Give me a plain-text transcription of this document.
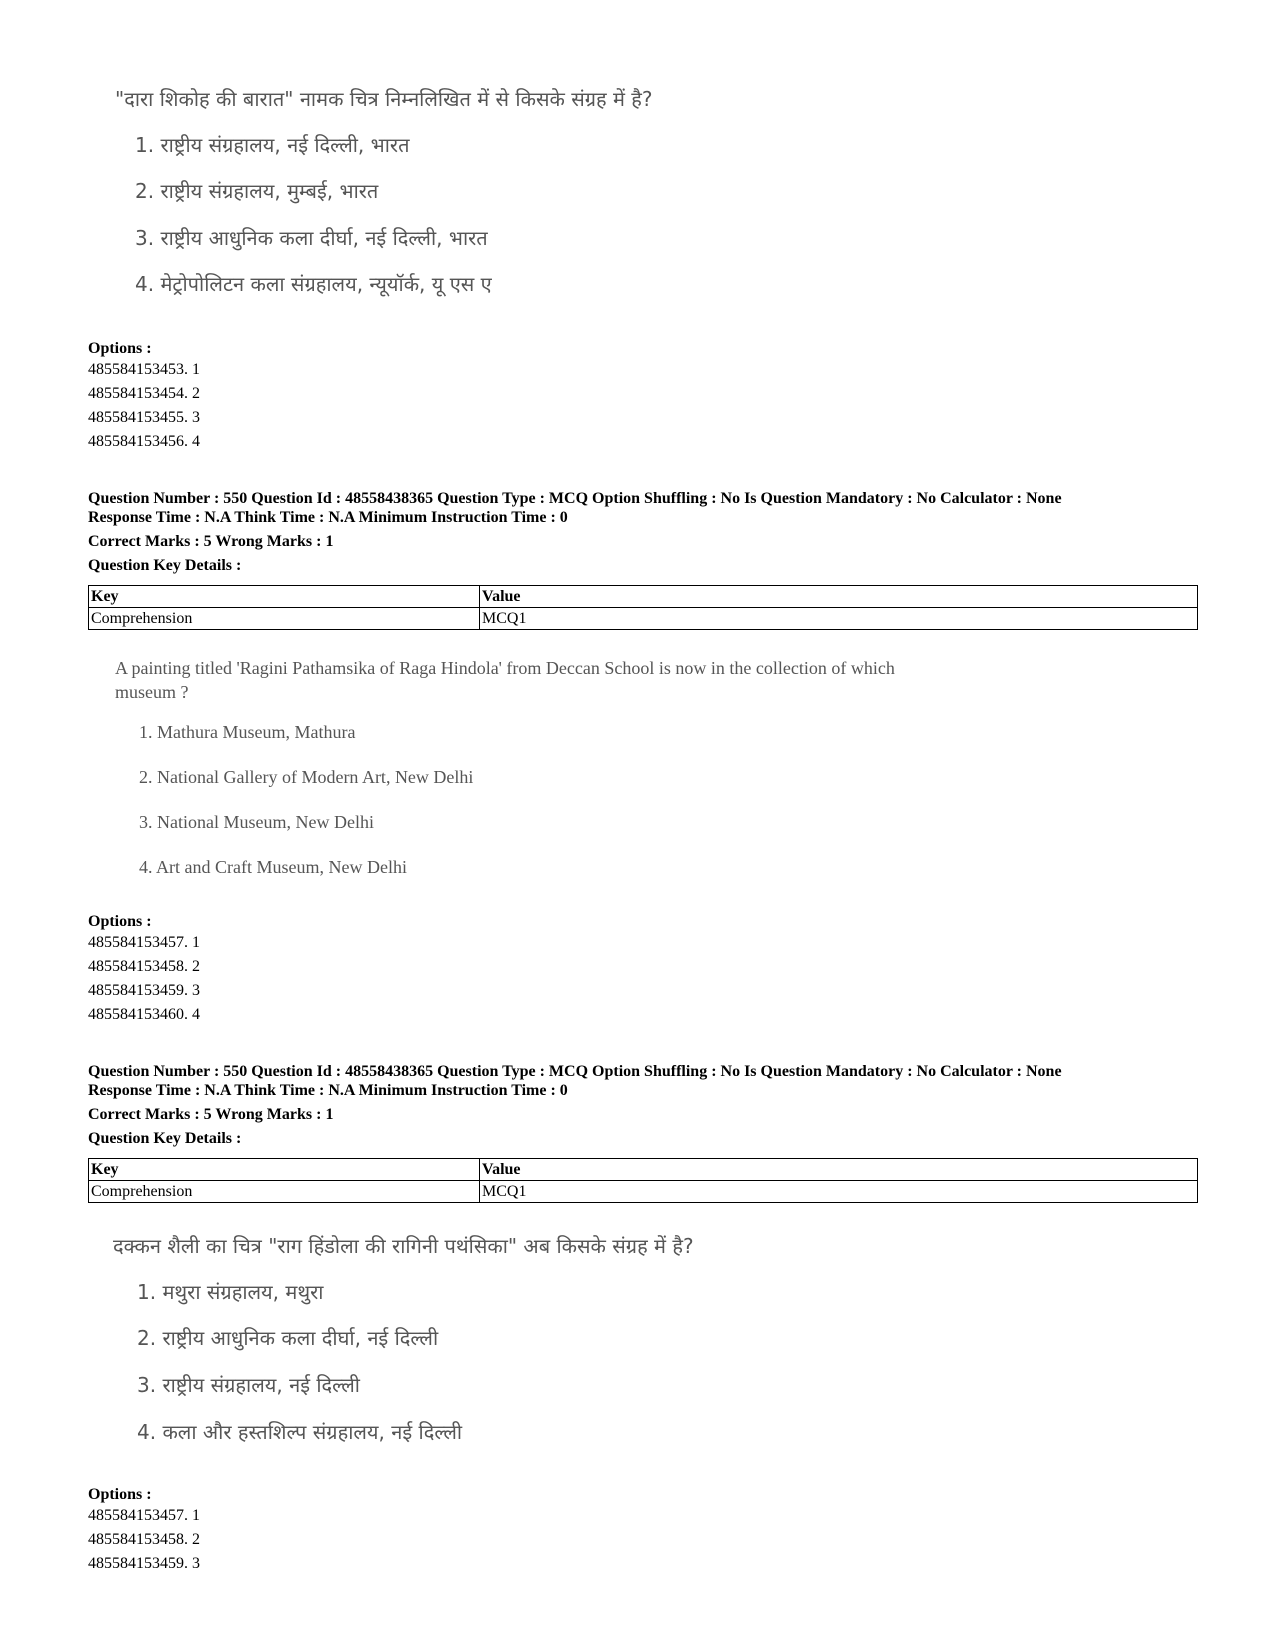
"दारा शिकोह की बारात" नामक चित्र निम्नलिखित में से किसके संग्रह में है?
1. राष्ट्रीय संग्रहालय, नई दिल्ली, भारत
2. राष्ट्रीय संग्रहालय, मुम्बई, भारत
3. राष्ट्रीय आधुनिक कला दीर्घा, नई दिल्ली, भारत
4. मेट्रोपोलिटन कला संग्रहालय, न्यूयॉर्क, यू एस ए
Options :
485584153453. 1
485584153454. 2
485584153455. 3
485584153456. 4
Question Number : 550 Question Id : 48558438365 Question Type : MCQ Option Shuffling : No Is Question Mandatory : No Calculator : None
Response Time : N.A Think Time : N.A Minimum Instruction Time : 0
Correct Marks : 5 Wrong Marks : 1
Question Key Details :
Key	Value
Comprehension	MCQ1
A painting titled 'Ragini Pathamsika of Raga Hindola' from Deccan School is now in the collection of which
museum ?
1. Mathura Museum, Mathura
2. National Gallery of Modern Art, New Delhi
3. National Museum, New Delhi
4. Art and Craft Museum, New Delhi
Options :
485584153457. 1
485584153458. 2
485584153459. 3
485584153460. 4
Question Number : 550 Question Id : 48558438365 Question Type : MCQ Option Shuffling : No Is Question Mandatory : No Calculator : None
Response Time : N.A Think Time : N.A Minimum Instruction Time : 0
Correct Marks : 5 Wrong Marks : 1
Question Key Details :
Key	Value
Comprehension	MCQ1
दक्कन शैली का चित्र "राग हिंडोला की रागिनी पथंसिका" अब किसके संग्रह में है?
1. मथुरा संग्रहालय, मथुरा
2. राष्ट्रीय आधुनिक कला दीर्घा, नई दिल्ली
3. राष्ट्रीय संग्रहालय, नई दिल्ली
4. कला और हस्तशिल्प संग्रहालय, नई दिल्ली
Options :
485584153457. 1
485584153458. 2
485584153459. 3
